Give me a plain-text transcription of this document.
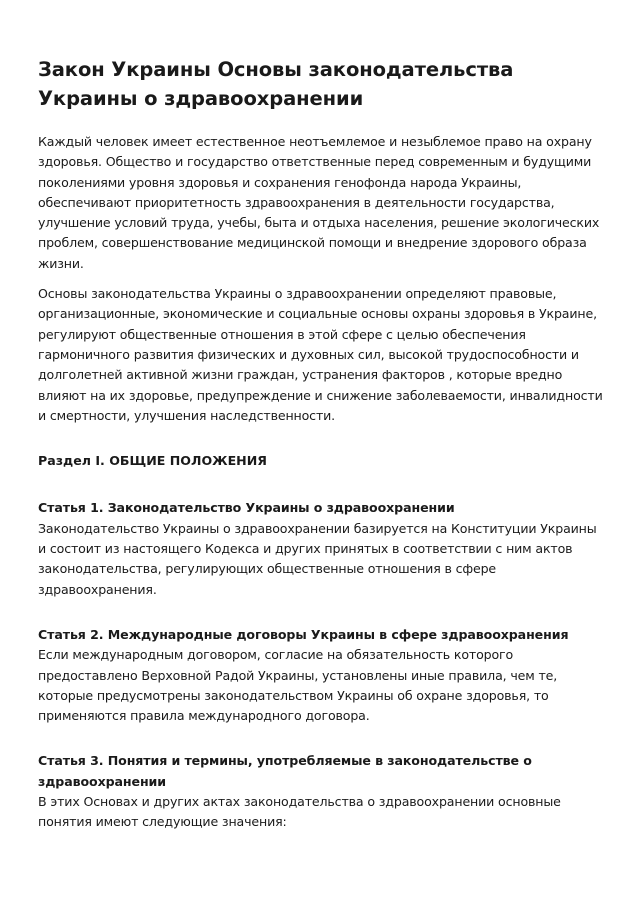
Закон Украины Основы законодательства Украины о здравоохранении

Каждый человек имеет естественное неотъемлемое и незыблемое право на охрану здоровья. Общество и государство ответственные перед современным и будущими поколениями уровня здоровья и сохранения генофонда народа Украины, обеспечивают приоритетность здравоохранения в деятельности государства, улучшение условий труда, учебы, быта и отдыха населения, решение экологических проблем, совершенствование медицинской помощи и внедрение здорового образа жизни.

Основы законодательства Украины о здравоохранении определяют правовые, организационные, экономические и социальные основы охраны здоровья в Украине, регулируют общественные отношения в этой сфере с целью обеспечения гармоничного развития физических и духовных сил, высокой трудоспособности и долголетней активной жизни граждан, устранения факторов , которые вредно влияют на их здоровье, предупреждение и снижение заболеваемости, инвалидности и смертности, улучшения наследственности.

Раздел I. ОБЩИЕ ПОЛОЖЕНИЯ
Статья 1. Законодательство Украины о здравоохранении
Законодательство Украины о здравоохранении базируется на Конституции Украины и состоит из настоящего Кодекса и других принятых в соответствии с ним актов законодательства, регулирующих общественные отношения в сфере здравоохранения.
Статья 2. Международные договоры Украины в сфере здравоохранения
Если международным договором, согласие на обязательность которого предоставлено Верховной Радой Украины, установлены иные правила, чем те, которые предусмотрены законодательством Украины об охране здоровья, то применяются правила международного договора.
Статья 3. Понятия и термины, употребляемые в законодательстве о здравоохранении
В этих Основах и других актах законодательства о здравоохранении основные понятия имеют следующие значения:
